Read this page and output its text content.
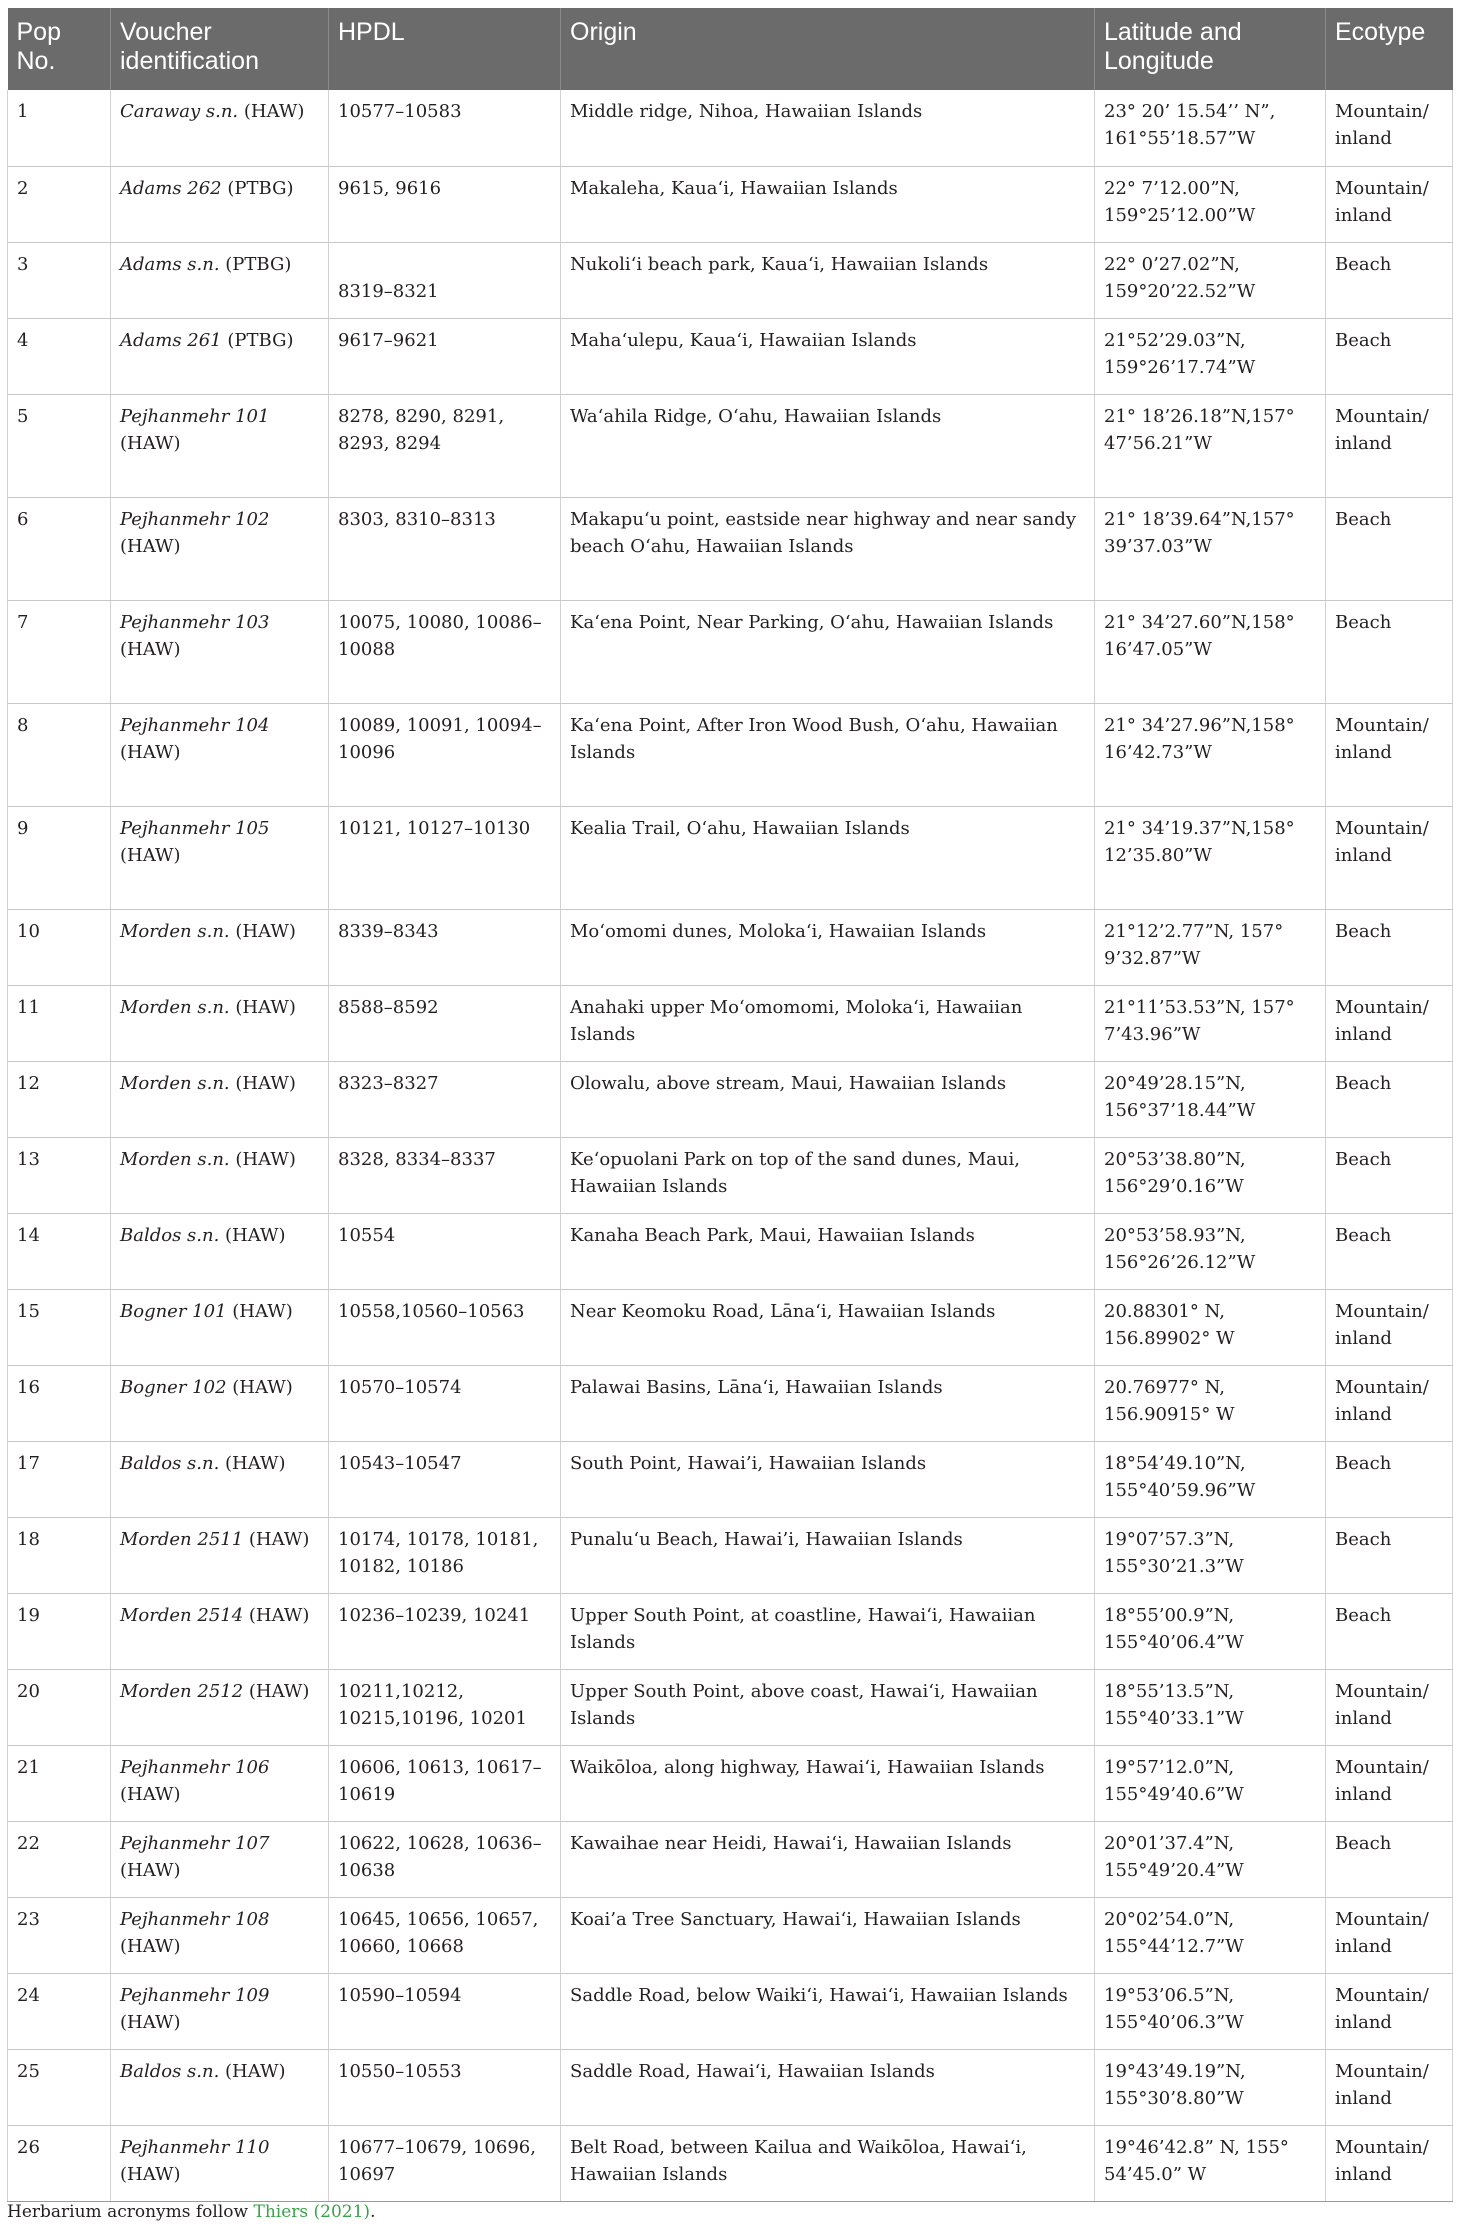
Pop No.	Voucher identification	HPDL	Origin	Latitude and Longitude	Ecotype
1	Caraway s.n. (HAW)	10577–10583	Middle ridge, Nihoa, Hawaiian Islands	23° 20’ 15.54’’ N”, 161°55’18.57”W	Mountain/ inland
2	Adams 262 (PTBG)	9615, 9616	Makaleha, Kaua‘i, Hawaiian Islands	22° 7’12.00”N, 159°25’12.00”W	Mountain/ inland
3	Adams s.n. (PTBG)	8319–8321	Nukoli‘i beach park, Kaua‘i, Hawaiian Islands	22° 0’27.02”N, 159°20’22.52”W	Beach
4	Adams 261 (PTBG)	9617–9621	Maha‘ulepu, Kaua‘i, Hawaiian Islands	21°52’29.03”N, 159°26’17.74”W	Beach
5	Pejhanmehr 101 (HAW)	8278, 8290, 8291, 8293, 8294	Wa‘ahila Ridge, O‘ahu, Hawaiian Islands	21° 18’26.18”N,157° 47’56.21”W	Mountain/ inland
6	Pejhanmehr 102 (HAW)	8303, 8310–8313	Makapu‘u point, eastside near highway and near sandy beach O‘ahu, Hawaiian Islands	21° 18’39.64”N,157° 39’37.03”W	Beach
7	Pejhanmehr 103 (HAW)	10075, 10080, 10086–10088	Ka‘ena Point, Near Parking, O‘ahu, Hawaiian Islands	21° 34’27.60”N,158° 16’47.05”W	Beach
8	Pejhanmehr 104 (HAW)	10089, 10091, 10094–10096	Ka‘ena Point, After Iron Wood Bush, O‘ahu, Hawaiian Islands	21° 34’27.96”N,158° 16’42.73”W	Mountain/ inland
9	Pejhanmehr 105 (HAW)	10121, 10127–10130	Kealia Trail, O‘ahu, Hawaiian Islands	21° 34’19.37”N,158° 12’35.80”W	Mountain/ inland
10	Morden s.n. (HAW)	8339–8343	Mo‘omomi dunes, Moloka‘i, Hawaiian Islands	21°12’2.77”N, 157° 9’32.87”W	Beach
11	Morden s.n. (HAW)	8588–8592	Anahaki upper Mo‘omomomi, Moloka‘i, Hawaiian Islands	21°11’53.53”N, 157° 7’43.96”W	Mountain/ inland
12	Morden s.n. (HAW)	8323–8327	Olowalu, above stream, Maui, Hawaiian Islands	20°49’28.15”N, 156°37’18.44”W	Beach
13	Morden s.n. (HAW)	8328, 8334–8337	Ke‘opuolani Park on top of the sand dunes, Maui, Hawaiian Islands	20°53’38.80”N, 156°29’0.16”W	Beach
14	Baldos s.n. (HAW)	10554	Kanaha Beach Park, Maui, Hawaiian Islands	20°53’58.93”N, 156°26’26.12”W	Beach
15	Bogner 101 (HAW)	10558,10560–10563	Near Keomoku Road, Lāna‘i, Hawaiian Islands	20.88301° N, 156.89902° W	Mountain/ inland
16	Bogner 102 (HAW)	10570–10574	Palawai Basins, Lāna‘i, Hawaiian Islands	20.76977° N, 156.90915° W	Mountain/ inland
17	Baldos s.n. (HAW)	10543–10547	South Point, Hawai’i, Hawaiian Islands	18°54’49.10”N, 155°40’59.96”W	Beach
18	Morden 2511 (HAW)	10174, 10178, 10181, 10182, 10186	Punalu‘u Beach, Hawai’i, Hawaiian Islands	19°07’57.3”N, 155°30’21.3”W	Beach
19	Morden 2514 (HAW)	10236–10239, 10241	Upper South Point, at coastline, Hawai‘i, Hawaiian Islands	18°55’00.9”N, 155°40’06.4”W	Beach
20	Morden 2512 (HAW)	10211,10212, 10215,10196, 10201	Upper South Point, above coast, Hawai‘i, Hawaiian Islands	18°55’13.5”N, 155°40’33.1”W	Mountain/ inland
21	Pejhanmehr 106 (HAW)	10606, 10613, 10617–10619	Waikōloa, along highway, Hawai‘i, Hawaiian Islands	19°57’12.0”N, 155°49’40.6”W	Mountain/ inland
22	Pejhanmehr 107 (HAW)	10622, 10628, 10636–10638	Kawaihae near Heidi, Hawai‘i, Hawaiian Islands	20°01’37.4”N, 155°49’20.4”W	Beach
23	Pejhanmehr 108 (HAW)	10645, 10656, 10657, 10660, 10668	Koai’a Tree Sanctuary, Hawai‘i, Hawaiian Islands	20°02’54.0”N, 155°44’12.7”W	Mountain/ inland
24	Pejhanmehr 109 (HAW)	10590–10594	Saddle Road, below Waiki‘i, Hawai‘i, Hawaiian Islands	19°53’06.5”N, 155°40’06.3”W	Mountain/ inland
25	Baldos s.n. (HAW)	10550–10553	Saddle Road, Hawai‘i, Hawaiian Islands	19°43’49.19”N, 155°30’8.80”W	Mountain/ inland
26	Pejhanmehr 110 (HAW)	10677–10679, 10696, 10697	Belt Road, between Kailua and Waikōloa, Hawai‘i, Hawaiian Islands	19°46’42.8” N, 155° 54’45.0” W	Mountain/ inland
Herbarium acronyms follow Thiers (2021).
